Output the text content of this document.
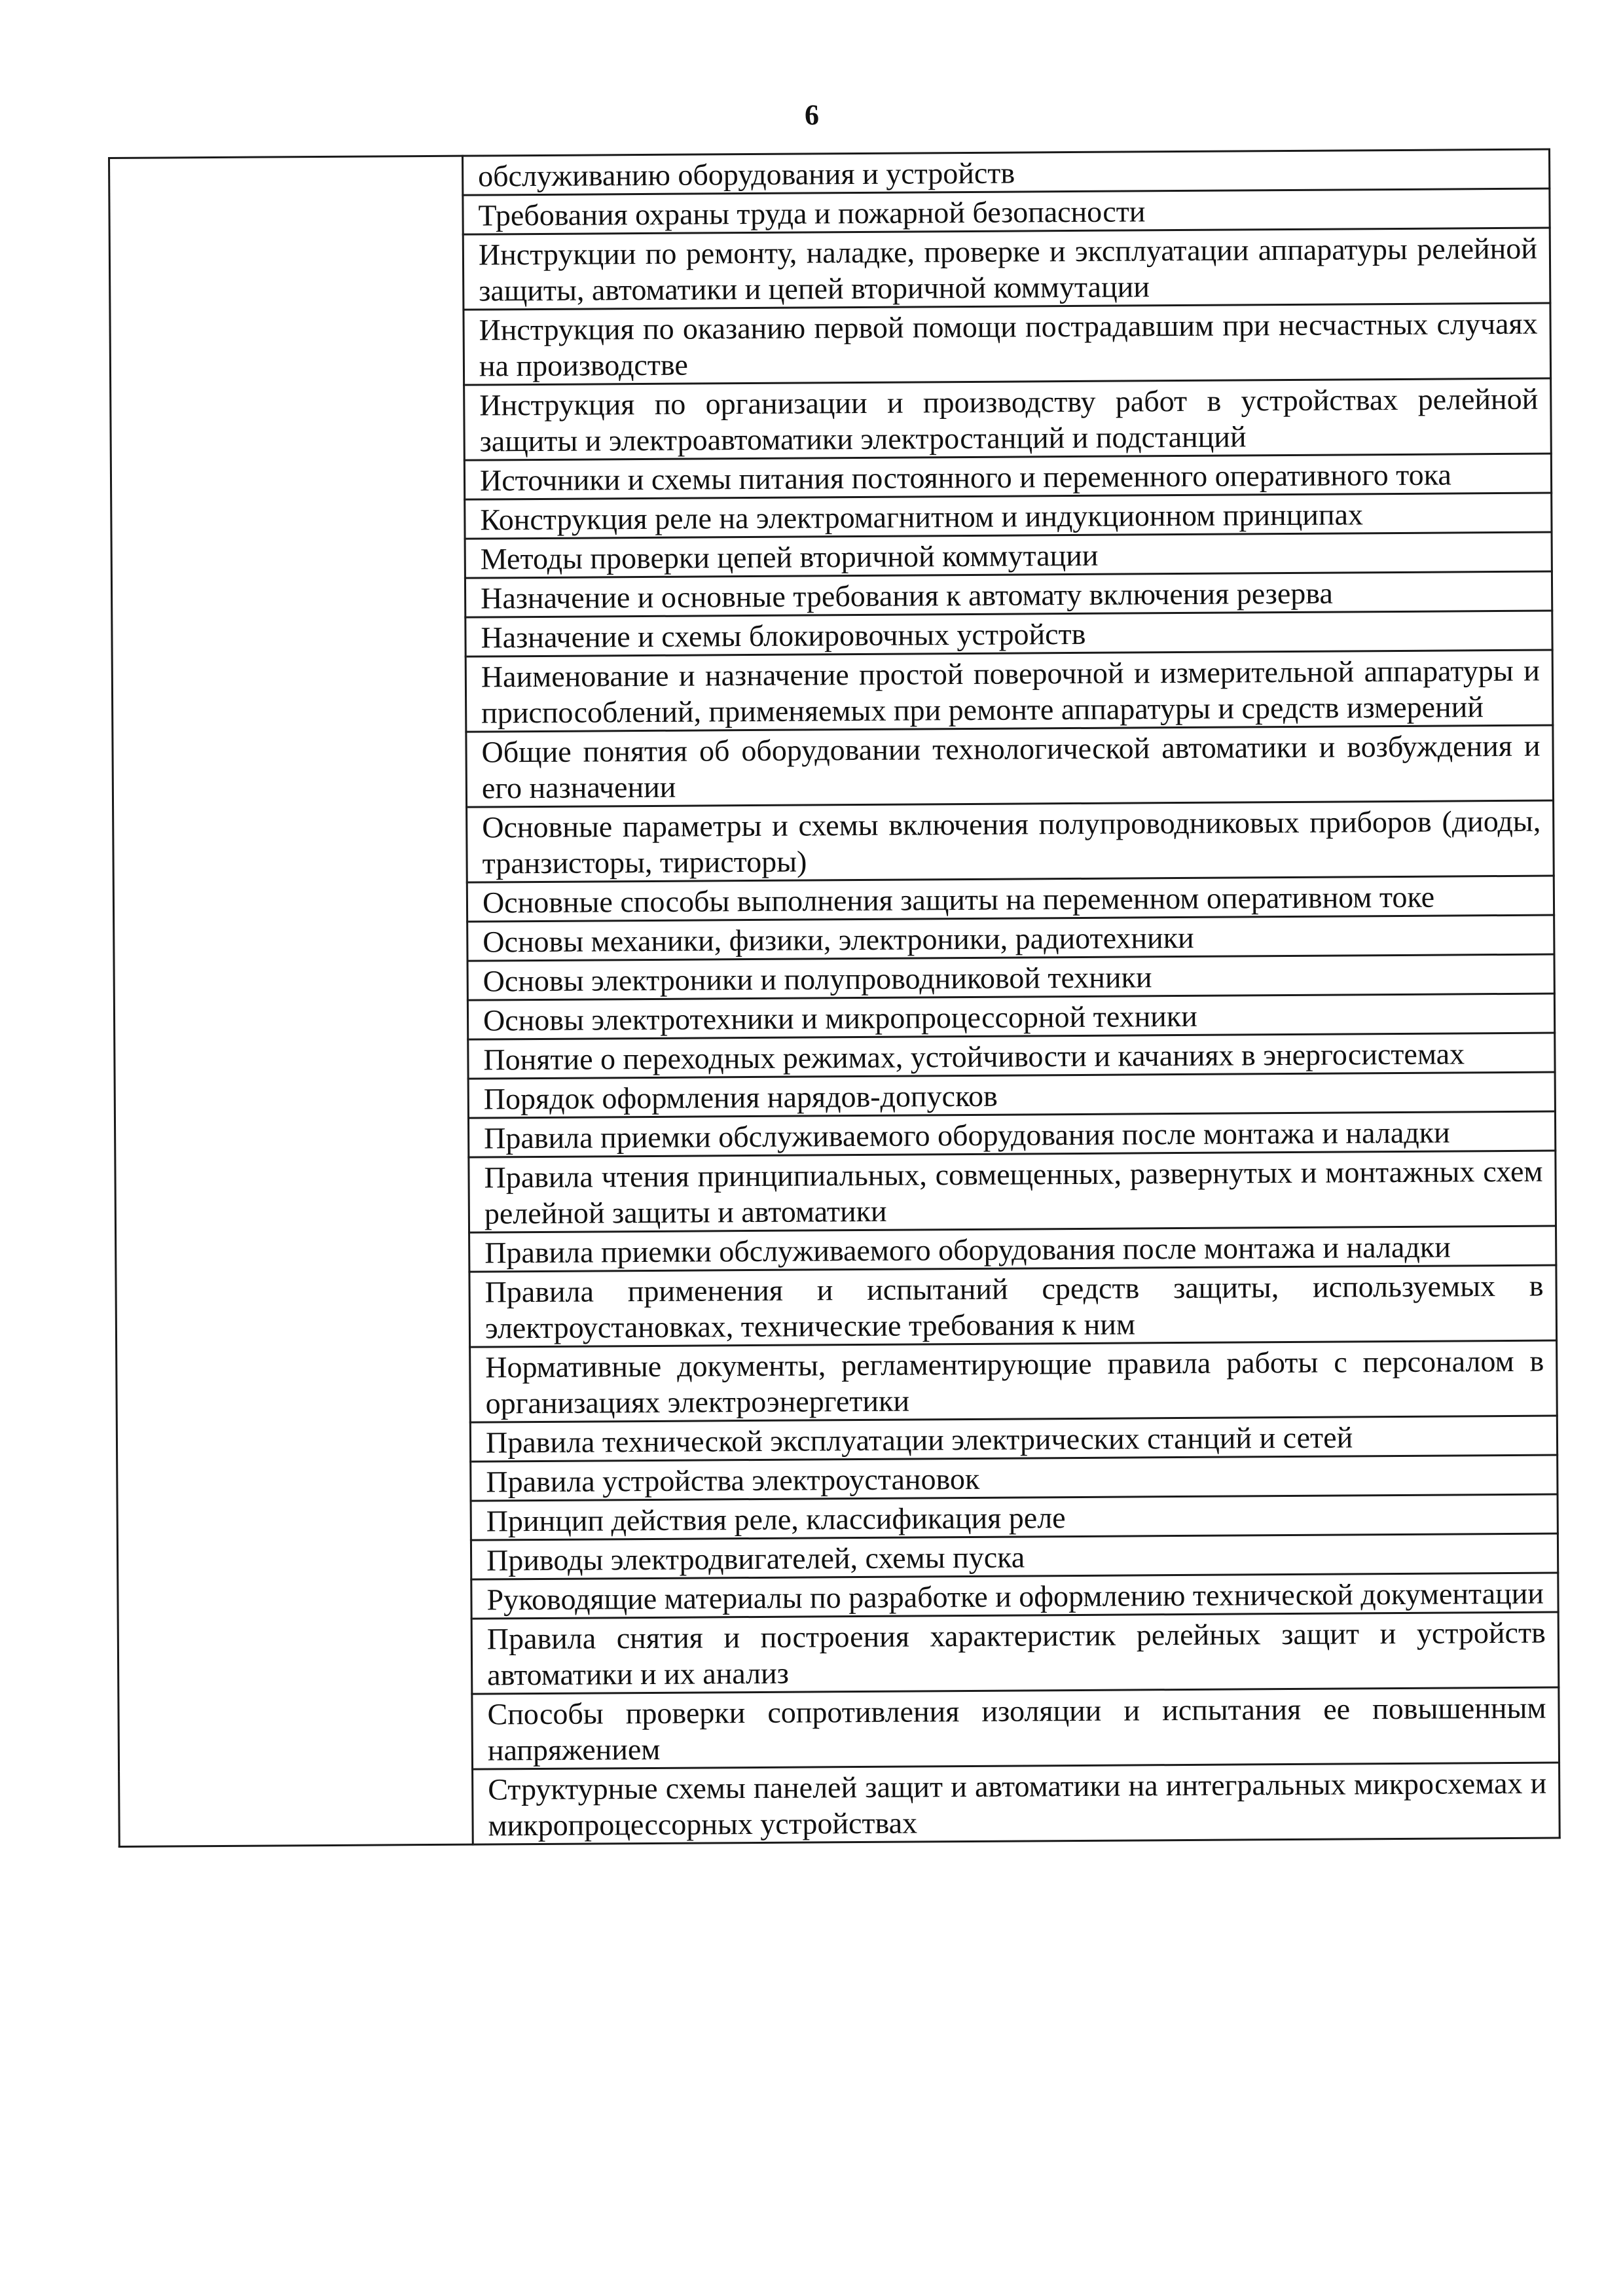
6
	обслуживанию оборудования и устройств
Требования охраны труда и пожарной безопасности
Инструкции по ремонту, наладке, проверке и эксплуатации аппаратуры релейной защиты, автоматики и цепей вторичной коммутации
Инструкция по оказанию первой помощи пострадавшим при несчастных случаях на производстве
Инструкция по организации и производству работ в устройствах релейной защиты и электроавтоматики электростанций и подстанций
Источники и схемы питания постоянного и переменного оперативного тока
Конструкция реле на электромагнитном и индукционном принципах
Методы проверки цепей вторичной коммутации
Назначение и основные требования к автомату включения резерва
Назначение и схемы блокировочных устройств
Наименование и назначение простой поверочной и измерительной аппаратуры и приспособлений, применяемых при ремонте аппаратуры и средств измерений
Общие понятия об оборудовании технологической автоматики и возбуждения и его назначении
Основные параметры и схемы включения полупроводниковых приборов (диоды, транзисторы, тиристоры)
Основные способы выполнения защиты на переменном оперативном токе
Основы механики, физики, электроники, радиотехники
Основы электроники и полупроводниковой техники
Основы электротехники и микропроцессорной техники
Понятие о переходных режимах, устойчивости и качаниях в энергосистемах
Порядок оформления нарядов-допусков
Правила приемки обслуживаемого оборудования после монтажа и наладки
Правила чтения принципиальных, совмещенных, развернутых и монтажных схем релейной защиты и автоматики
Правила приемки обслуживаемого оборудования после монтажа и наладки
Правила применения и испытаний средств защиты, используемых в электроустановках, технические требования к ним
Нормативные документы, регламентирующие правила работы с персоналом в организациях электроэнергетики
Правила технической эксплуатации электрических станций и сетей
Правила устройства электроустановок
Принцип действия реле, классификация реле
Приводы электродвигателей, схемы пуска
Руководящие материалы по разработке и оформлению технической документации
Правила снятия и построения характеристик релейных защит и устройств автоматики и их анализ
Способы проверки сопротивления изоляции и испытания ее повышенным напряжением
Структурные схемы панелей защит и автоматики на интегральных микросхемах и микропроцессорных устройствах
